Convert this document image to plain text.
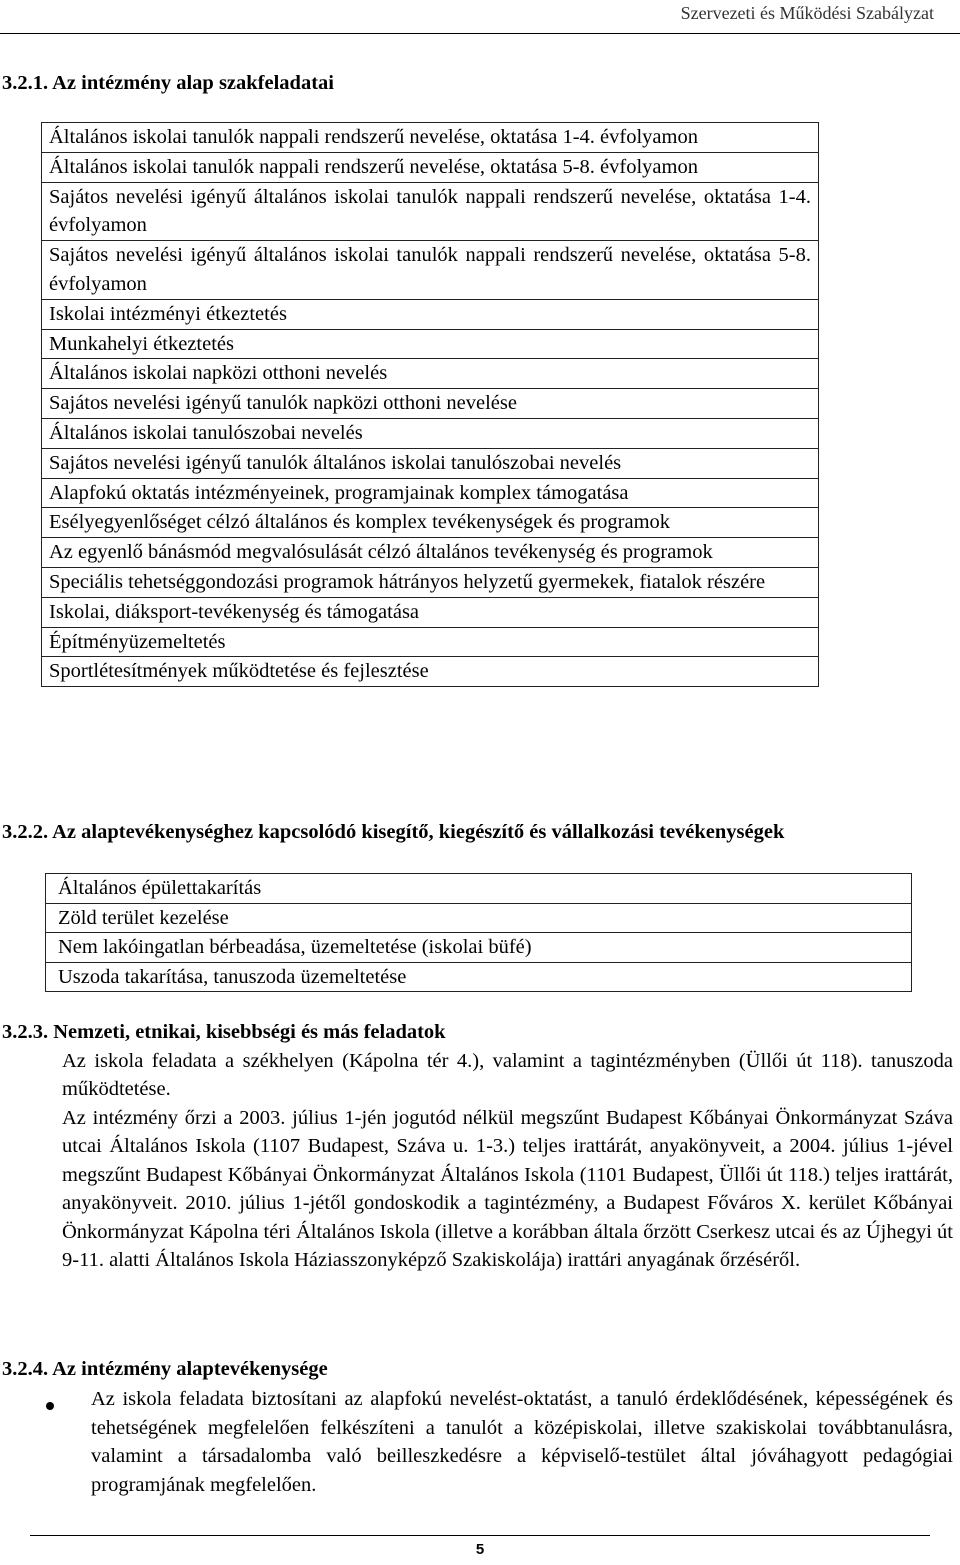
Szervezeti és Működési Szabályzat
3.2.1. Az intézmény alap szakfeladatai
Általános iskolai tanulók nappali rendszerű nevelése, oktatása 1-4. évfolyamon
Általános iskolai tanulók nappali rendszerű nevelése, oktatása 5-8. évfolyamon
Sajátos nevelési igényű általános iskolai tanulók nappali rendszerű nevelése, oktatása 1-4. évfolyamon
Sajátos nevelési igényű általános iskolai tanulók nappali rendszerű nevelése, oktatása 5-8. évfolyamon
Iskolai intézményi étkeztetés
Munkahelyi étkeztetés
Általános iskolai napközi otthoni nevelés
Sajátos nevelési igényű tanulók napközi otthoni nevelése
Általános iskolai tanulószobai nevelés
Sajátos nevelési igényű tanulók általános iskolai tanulószobai nevelés
Alapfokú oktatás intézményeinek, programjainak komplex támogatása
Esélyegyenlőséget célzó általános és komplex tevékenységek és programok
Az egyenlő bánásmód megvalósulását célzó általános tevékenység és programok
Speciális tehetséggondozási programok hátrányos helyzetű gyermekek, fiatalok részére
Iskolai, diáksport-tevékenység és támogatása
Építményüzemeltetés
Sportlétesítmények működtetése és fejlesztése
3.2.2. Az alaptevékenységhez kapcsolódó kisegítő, kiegészítő és vállalkozási tevékenységek
Általános épülettakarítás
Zöld terület kezelése
Nem lakóingatlan bérbeadása, üzemeltetése (iskolai büfé)
Uszoda takarítása, tanuszoda üzemeltetése
3.2.3. Nemzeti, etnikai, kisebbségi és más feladatok
Az iskola feladata a székhelyen (Kápolna tér 4.), valamint a tagintézményben (Üllői út 118). tanuszoda működtetése.
Az intézmény őrzi a 2003. július 1-jén jogutód nélkül megszűnt Budapest Kőbányai Önkormányzat Száva utcai Általános Iskola (1107 Budapest, Száva u. 1-3.) teljes irattárát, anyakönyveit, a 2004. július 1-jével megszűnt Budapest Kőbányai Önkormányzat Általános Iskola (1101 Budapest, Üllői út 118.) teljes irattárát, anyakönyveit. 2010. július 1-jétől gondoskodik a tagintézmény, a Budapest Főváros X. kerület Kőbányai Önkormányzat Kápolna téri Általános Iskola (illetve a korábban általa őrzött Cserkesz utcai és az Újhegyi út 9-11. alatti Általános Iskola Háziasszonyképző Szakiskolája) irattári anyagának őrzéséről.
3.2.4. Az intézmény alaptevékenysége
Az iskola feladata biztosítani az alapfokú nevelést-oktatást, a tanuló érdeklődésének, képességének és tehetségének megfelelően felkészíteni a tanulót a középiskolai, illetve szakiskolai továbbtanulásra, valamint a társadalomba való beilleszkedésre a képviselő-testület által jóváhagyott pedagógiai programjának megfelelően.
5
